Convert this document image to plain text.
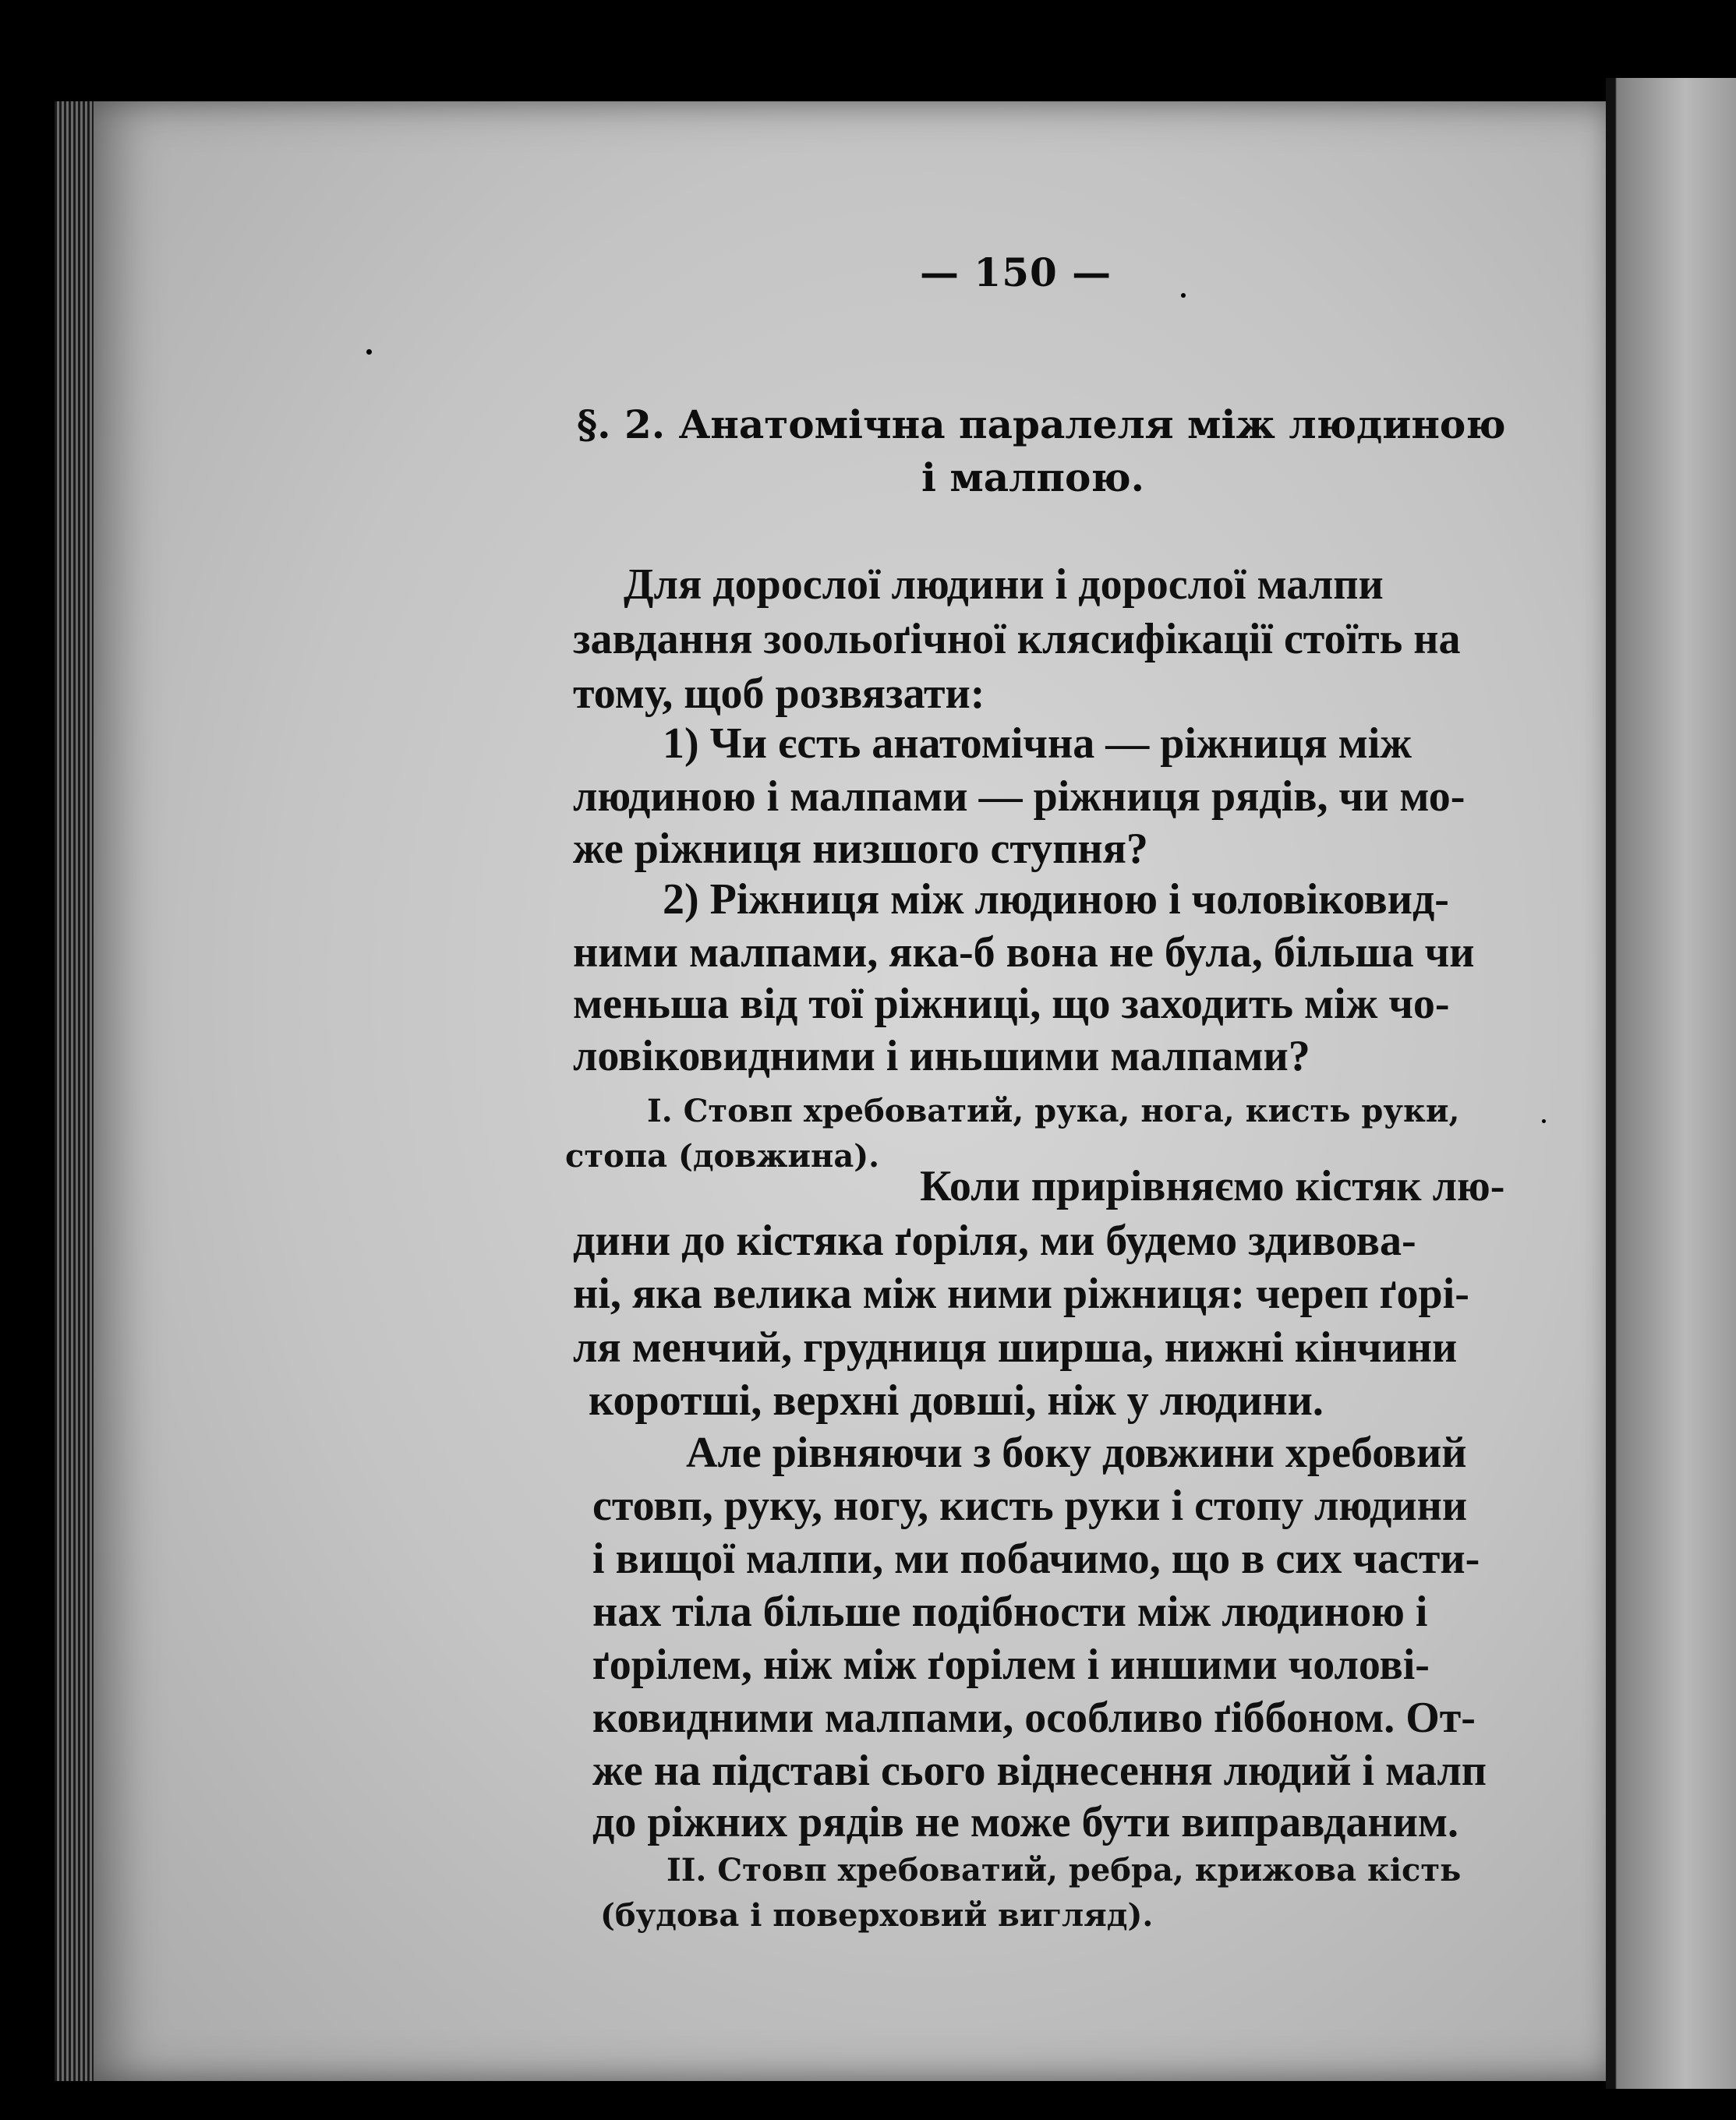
— 150 —
§. 2. Анатомічна паралеля між людиною
і малпою.
Для дорослої людини і дорослої малпи
завдання зоольоґічної клясифікації стоїть на
тому, щоб розвязати:
1) Чи єсть анатомічна — ріжниця між
людиною і малпами — ріжниця рядів, чи мо-
же ріжниця низшого ступня?
2) Ріжниця між людиною і чоловіковид-
ними малпами, яка-б вона не була, більша чи
меньша від тої ріжниці, що заходить між чо-
ловіковидними і иньшими малпами?
І. Стовп хребоватий, рука, нога, кисть руки,
стопа (довжина).
Коли прирівняємо кістяк лю-
дини до кістяка ґоріля, ми будемо здивова-
ні, яка велика між ними ріжниця: череп ґорі-
ля менчий, грудниця ширша, нижні кінчини
коротші, верхні довші, ніж у людини.
Але рівняючи з боку довжини хребовий
стовп, руку, ногу, кисть руки і стопу людини
і вищої малпи, ми побачимо, що в сих части-
нах тіла більше подібности між людиною і
ґорілем, ніж між ґорілем і иншими чолові-
ковидними малпами, особливо ґіббоном. От-
же на підставі сього віднесення людий і малп
до ріжних рядів не може бути виправданим.
ІІ. Стовп хребоватий, ребра, крижова кість
(будова і поверховий вигляд).
